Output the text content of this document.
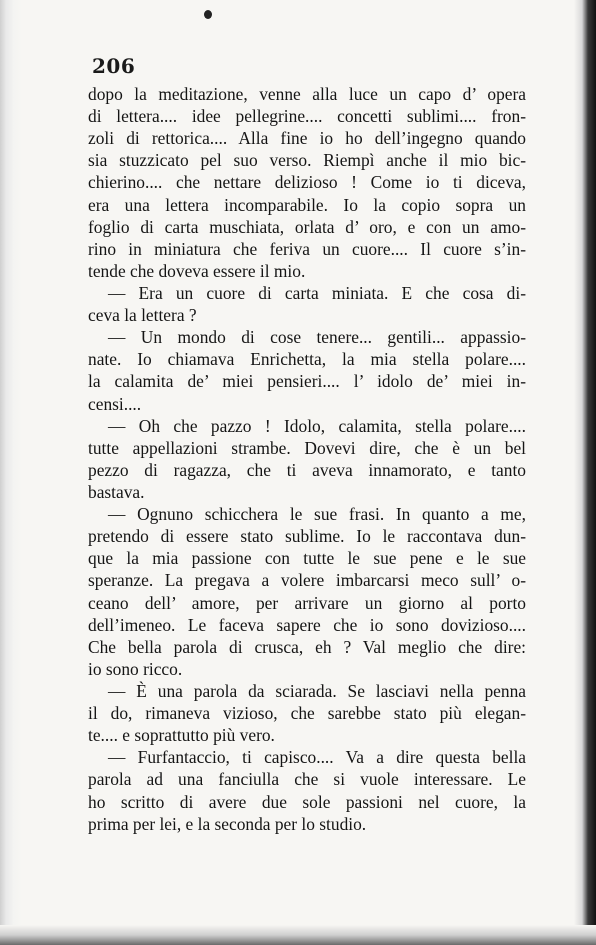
206
dopo la meditazione, venne alla luce un capo d’ opera
di lettera.... idee pellegrine.... concetti sublimi.... fron-
zoli di rettorica.... Alla fine io ho dell’ingegno quando
sia stuzzicato pel suo verso. Riempì anche il mio bic-
chierino.... che nettare delizioso ! Come io ti diceva,
era una lettera incomparabile. Io la copio sopra un
foglio di carta muschiata, orlata d’ oro, e con un amo-
rino in miniatura che feriva un cuore.... Il cuore s’in-
tende che doveva essere il mio.
— Era un cuore di carta miniata. E che cosa di-
ceva la lettera ?
— Un mondo di cose tenere... gentili... appassio-
nate. Io chiamava Enrichetta, la mia stella polare....
la calamita de’ miei pensieri.... l’ idolo de’ miei in-
censi....
— Oh che pazzo ! Idolo, calamita, stella polare....
tutte appellazioni strambe. Dovevi dire, che è un bel
pezzo di ragazza, che ti aveva innamorato, e tanto
bastava.
— Ognuno schicchera le sue frasi. In quanto a me,
pretendo di essere stato sublime. Io le raccontava dun-
que la mia passione con tutte le sue pene e le sue
speranze. La pregava a volere imbarcarsi meco sull’ o-
ceano dell’ amore, per arrivare un giorno al porto
dell’imeneo. Le faceva sapere che io sono dovizioso....
Che bella parola di crusca, eh ? Val meglio che dire:
io sono ricco.
— È una parola da sciarada. Se lasciavi nella penna
il do, rimaneva vizioso, che sarebbe stato più elegan-
te.... e soprattutto più vero.
— Furfantaccio, ti capisco.... Va a dire questa bella
parola ad una fanciulla che si vuole interessare. Le
ho scritto di avere due sole passioni nel cuore, la
prima per lei, e la seconda per lo studio.
